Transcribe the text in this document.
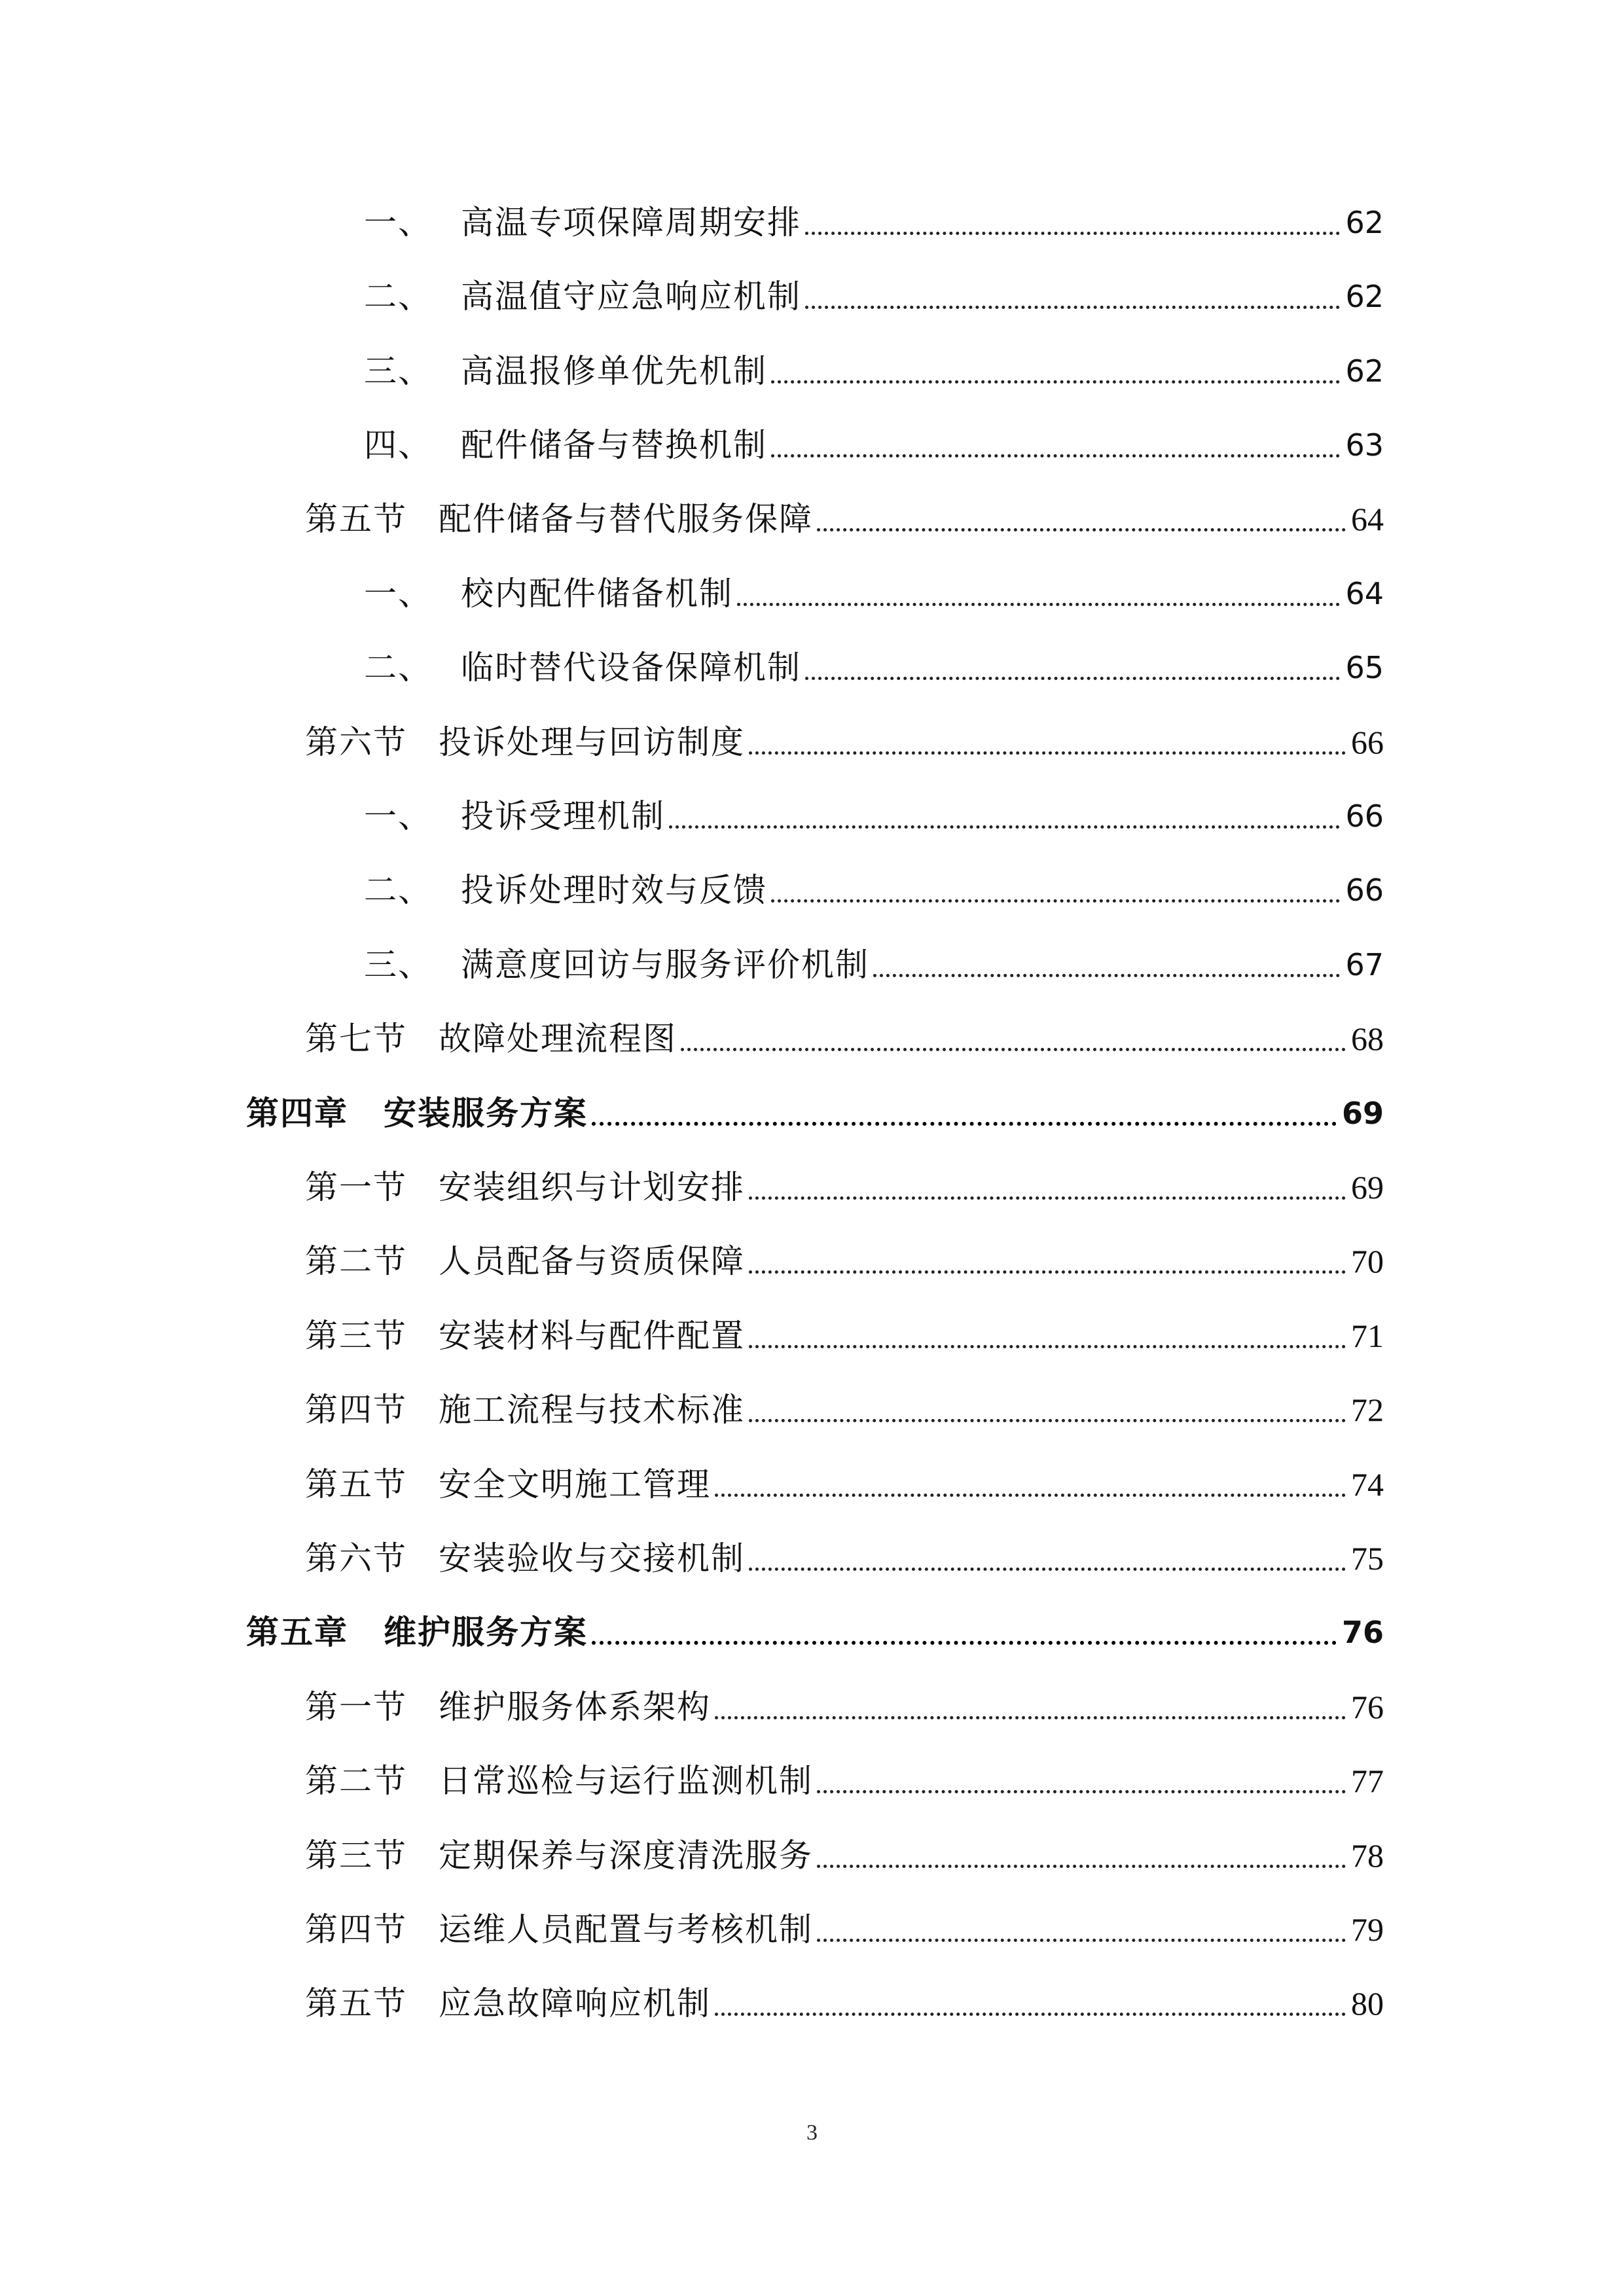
一、 高温专项保障周期安排	62
二、 高温值守应急响应机制	62
三、 高温报修单优先机制	62
四、 配件储备与替换机制	63
第五节 配件储备与替代服务保障	64
一、 校内配件储备机制	64
二、 临时替代设备保障机制	65
第六节 投诉处理与回访制度	66
一、 投诉受理机制	66
二、 投诉处理时效与反馈	66
三、 满意度回访与服务评价机制	67
第七节 故障处理流程图	68
第四章	安装服务方案	69
第一节 安装组织与计划安排	69
第二节 人员配备与资质保障	70
第三节 安装材料与配件配置	71
第四节 施工流程与技术标准	72
第五节 安全文明施工管理	74
第六节 安装验收与交接机制	75
第五章	维护服务方案	76
第一节 维护服务体系架构	76
第二节 日常巡检与运行监测机制	77
第三节 定期保养与深度清洗服务	78
第四节 运维人员配置与考核机制	79
第五节 应急故障响应机制	80
3
